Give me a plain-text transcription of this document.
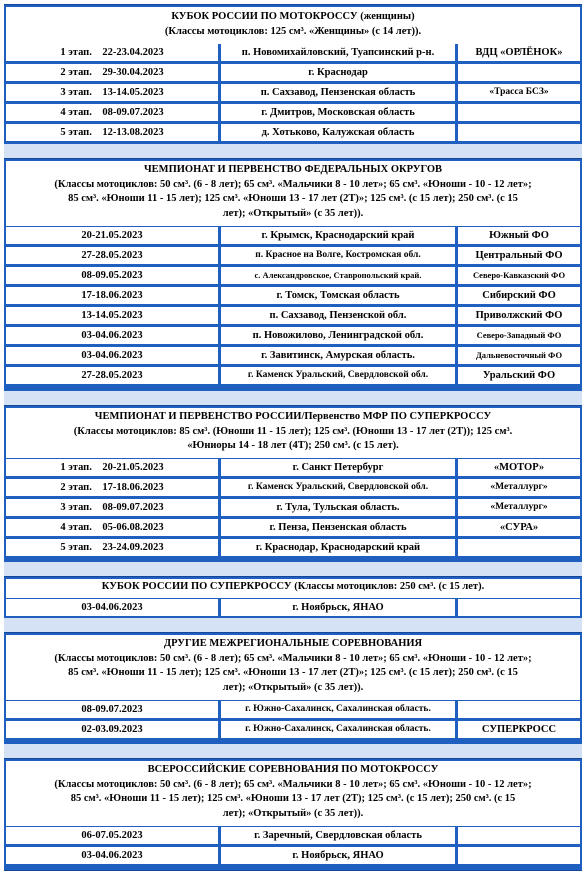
КУБОК РОССИИ ПО МОТОКРОССУ (женщины)
(Классы мотоциклов: 125 см³. «Женщины» (с 14 лет)).
1 этап.    22-23.04.2023	п. Новомихайловский, Туапсинский р-н.	ВДЦ «ОРЛЁНОК»
2 этап.    29-30.04.2023	г. Краснодар
3 этап.    13-14.05.2023	п. Сахзавод, Пензенская область	«Трасса БСЗ»
4 этап.    08-09.07.2023	г. Дмитров, Московская область
5 этап.    12-13.08.2023	д. Хотьково, Калужская область
ЧЕМПИОНАТ И ПЕРВЕНСТВО ФЕДЕРАЛЬНЫХ ОКРУГОВ
(Классы мотоциклов: 50 см³. (6 - 8 лет); 65 см³. «Мальчики 8 - 10 лет»; 65 см³. «Юноши - 10 - 12 лет»;
85 см³. «Юноши 11 - 15 лет); 125 см³. «Юноши 13 - 17 лет (2Т)»; 125 см³. (с 15 лет); 250 см³. (с 15
лет); «Открытый» (с 35 лет)).
20-21.05.2023	г. Крымск, Краснодарский край	Южный ФО
27-28.05.2023	п. Красное на Волге, Костромская обл.	Центральный ФО
08-09.05.2023	с. Александровское, Ставропольский край.	Северо-Кавказский ФО
17-18.06.2023	г. Томск, Томская область	Сибирский ФО
13-14.05.2023	п. Сахзавод, Пензенской обл.	Приволжский ФО
03-04.06.2023	п. Новожилово, Ленинградской обл.	Северо-Западный ФО
03-04.06.2023	г. Завитинск, Амурская область.	Дальневосточный ФО
27-28.05.2023	г. Каменск Уральский, Свердловской обл.	Уральский ФО
ЧЕМПИОНАТ И ПЕРВЕНСТВО РОССИИ/Первенство МФР ПО СУПЕРКРОССУ
(Классы мотоциклов: 85 см³. (Юноши 11 - 15 лет); 125 см³. (Юноши 13 - 17 лет (2Т)); 125 см³.
«Юниоры 14 - 18 лет (4Т); 250 см³. (с 15 лет).
1 этап.    20-21.05.2023	г. Санкт Петербург	«МОТОР»
2 этап.    17-18.06.2023	г. Каменск Уральский, Свердловской обл.	«Металлург»
3 этап.    08-09.07.2023	г. Тула, Тульская область.	«Металлург»
4 этап.    05-06.08.2023	г. Пенза, Пензенская область	«СУРА»
5 этап.    23-24.09.2023	г. Краснодар, Краснодарский край
КУБОК РОССИИ ПО СУПЕРКРОССУ (Классы мотоциклов: 250 см³. (с 15 лет).
03-04.06.2023	г. Ноябрьск, ЯНАО
ДРУГИЕ МЕЖРЕГИОНАЛЬНЫЕ СОРЕВНОВАНИЯ
(Классы мотоциклов: 50 см³. (6 - 8 лет); 65 см³. «Мальчики 8 - 10 лет»; 65 см³. «Юноши - 10 - 12 лет»;
85 см³. «Юноши 11 - 15 лет); 125 см³. «Юноши 13 - 17 лет (2Т)»; 125 см³. (с 15 лет); 250 см³. (с 15
лет); «Открытый» (с 35 лет)).
08-09.07.2023	г. Южно-Сахалинск, Сахалинская область.
02-03.09.2023	г. Южно-Сахалинск, Сахалинская область.	СУПЕРКРОСС
ВСЕРОССИЙСКИЕ СОРЕВНОВАНИЯ ПО МОТОКРОССУ
(Классы мотоциклов: 50 см³. (6 - 8 лет); 65 см³. «Мальчики 8 - 10 лет»; 65 см³. «Юноши - 10 - 12 лет»;
85 см³. «Юноши 11 - 15 лет); 125 см³. «Юноши 13 - 17 лет (2Т); 125 см³. (с 15 лет); 250 см³. (с 15
лет); «Открытый» (с 35 лет)).
06-07.05.2023	г. Заречный, Свердловская область
03-04.06.2023	г. Ноябрьск, ЯНАО
